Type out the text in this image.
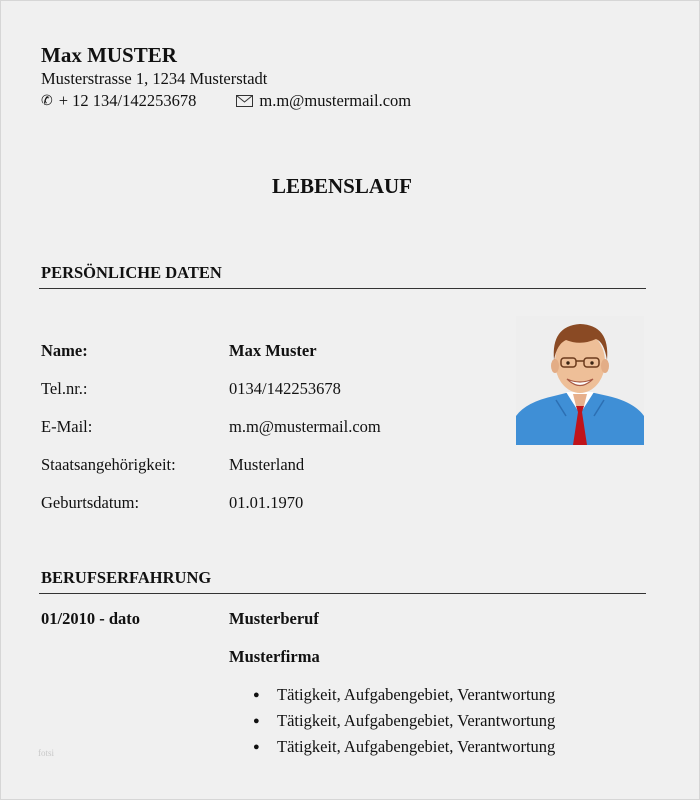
Max MUSTER
Musterstrasse 1, 1234 Musterstadt
✆ + 12 134/142253678	m.m@mustermail.com
LEBENSLAUF
PERSÖNLICHE DATEN
Name:	Max Muster
Tel.nr.:	0134/142253678
E-Mail:	m.m@mustermail.com
Staatsangehörigkeit:	Musterland
Geburtsdatum:	01.01.1970
BERUFSERFAHRUNG
01/2010 - dato	Musterberuf
Musterfirma
● Tätigkeit, Aufgabengebiet, Verantwortung
● Tätigkeit, Aufgabengebiet, Verantwortung
● Tätigkeit, Aufgabengebiet, Verantwortung
fotsi
